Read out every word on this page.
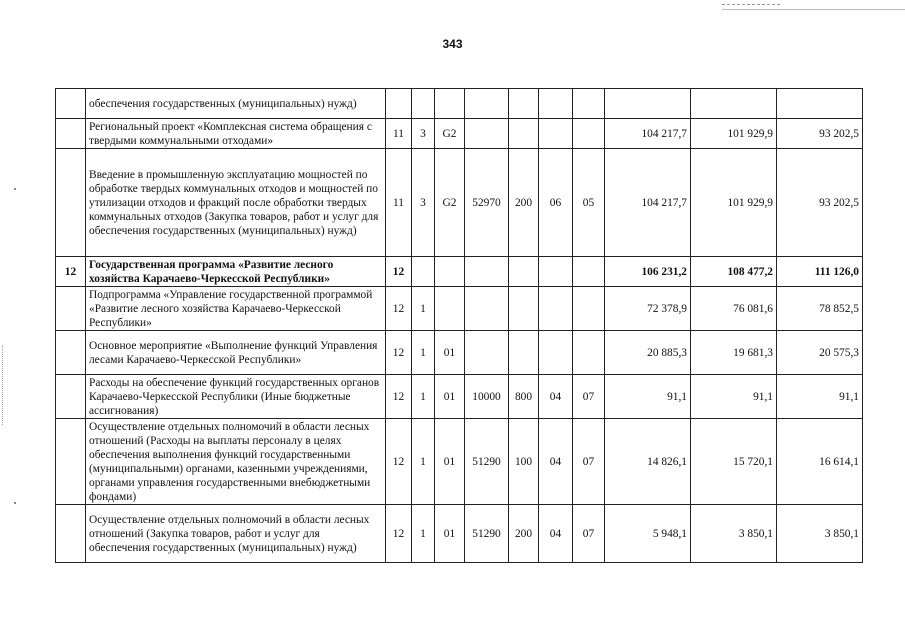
343
	обеспечения государственных (муниципальных) нужд)										
	Региональный проект «Комплексная система обращения с твердыми коммунальными отходами»	11	3	G2					104 217,7	101 929,9	93 202,5
	Введение в промышленную эксплуатацию мощностей по обработке твердых коммунальных отходов и мощностей по утилизации отходов и фракций после обработки твердых коммунальных отходов (Закупка товаров, работ и услуг для обеспечения государственных (муниципальных) нужд)	11	3	G2	52970	200	06	05	104 217,7	101 929,9	93 202,5
12	Государственная программа «Развитие лесного хозяйства Карачаево-Черкесской Республики»	12							106 231,2	108 477,2	111 126,0
	Подпрограмма «Управление государственной программой «Развитие лесного хозяйства Карачаево-Черкесской Республики»	12	1						72 378,9	76 081,6	78 852,5
	Основное мероприятие «Выполнение функций Управления лесами Карачаево-Черкесской Республики»	12	1	01					20 885,3	19 681,3	20 575,3
	Расходы на обеспечение функций государственных органов Карачаево-Черкесской Республики (Иные бюджетные ассигнования)	12	1	01	10000	800	04	07	91,1	91,1	91,1
	Осуществление отдельных полномочий в области лесных отношений (Расходы на выплаты персоналу в целях обеспечения выполнения функций государственными (муниципальными) органами, казенными учреждениями, органами управления государственными внебюджетными фондами)	12	1	01	51290	100	04	07	14 826,1	15 720,1	16 614,1
	Осуществление отдельных полномочий в области лесных отношений (Закупка товаров, работ и услуг для обеспечения государственных (муниципальных) нужд)	12	1	01	51290	200	04	07	5 948,1	3 850,1	3 850,1
